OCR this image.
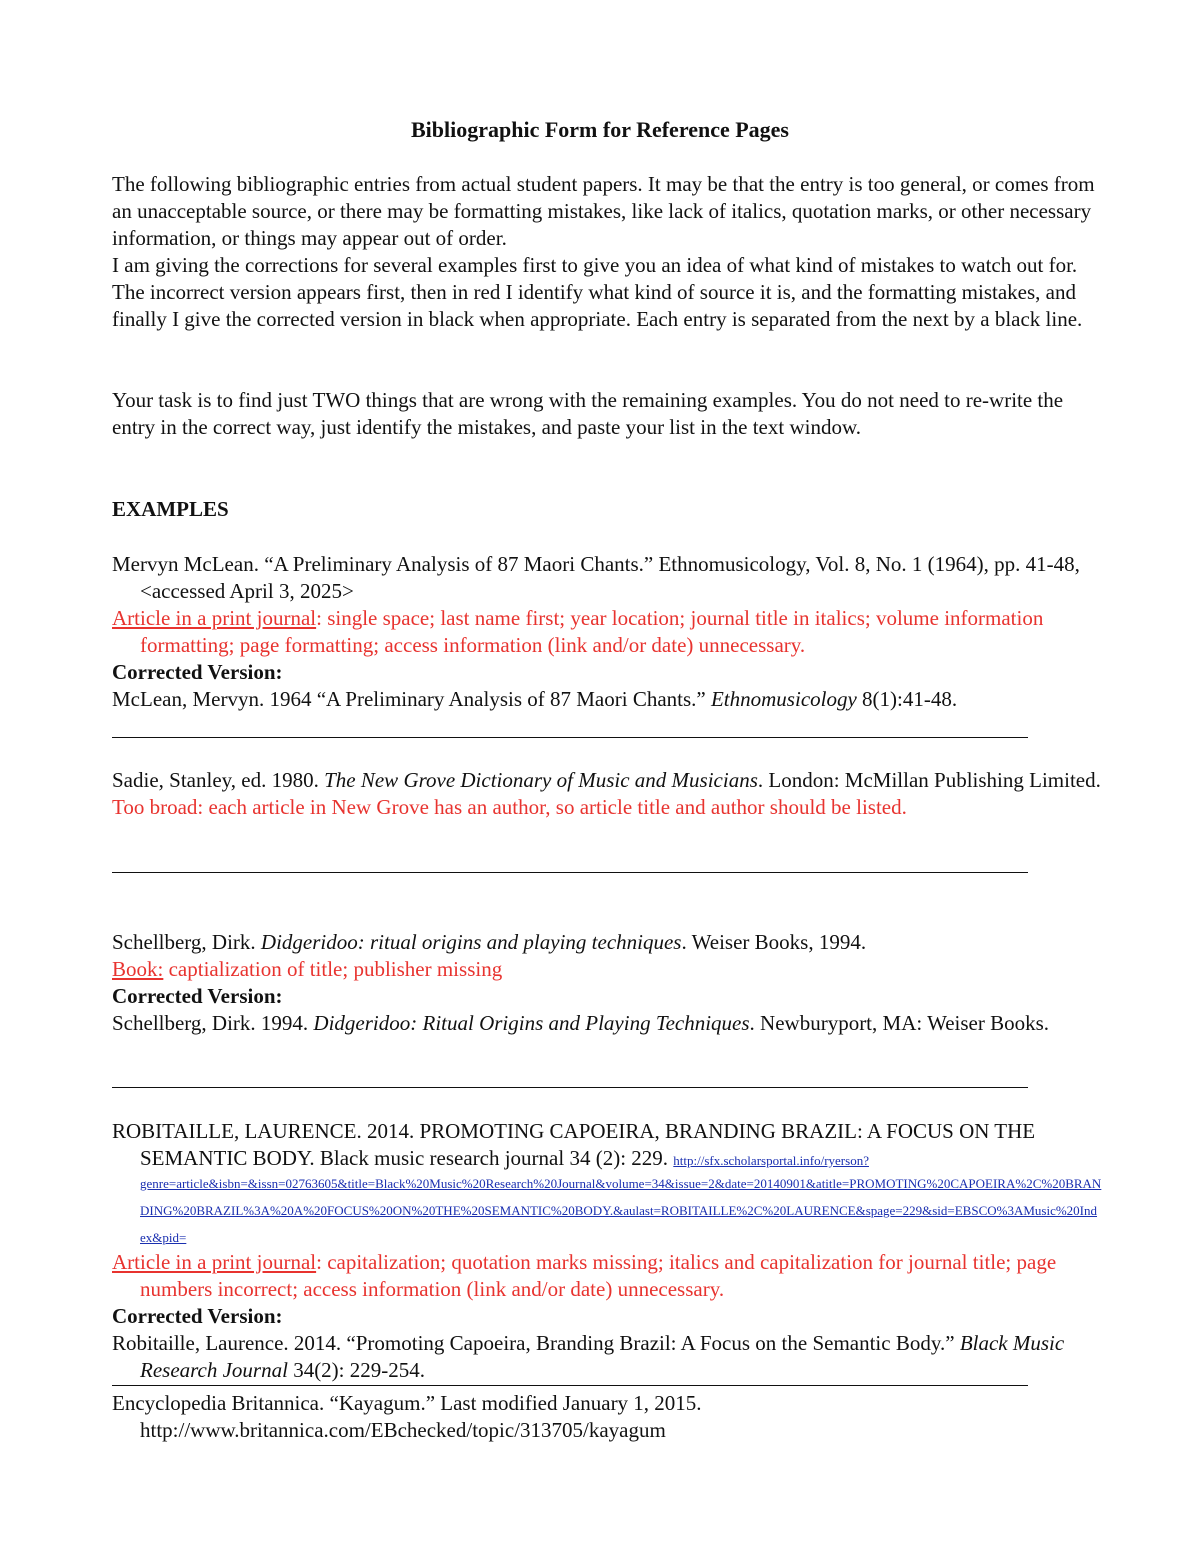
Bibliographic Form for Reference Pages

The following bibliographic entries from actual student papers. It may be that the entry is too general, or comes from an unacceptable source, or there may be formatting mistakes, like lack of italics, quotation marks, or other necessary information, or things may appear out of order.

I am giving the corrections for several examples first to give you an idea of what kind of mistakes to watch out for. The incorrect version appears first, then in red I identify what kind of source it is, and the formatting mistakes, and finally I give the corrected version in black when appropriate. Each entry is separated from the next by a black line.

Your task is to find just TWO things that are wrong with the remaining examples. You do not need to re-write the entry in the correct way, just identify the mistakes, and paste your list in the text window.

EXAMPLES

Mervyn McLean. “A Preliminary Analysis of 87 Maori Chants.” Ethnomusicology, Vol. 8, No. 1 (1964), pp. 41-48, <accessed April 3, 2025>

Article in a print journal: single space; last name first; year location; journal title in italics; volume information formatting; page formatting; access information (link and/or date) unnecessary.

Corrected Version:

McLean, Mervyn. 1964 “A Preliminary Analysis of 87 Maori Chants.” Ethnomusicology 8(1):41-48.

Sadie, Stanley, ed. 1980. The New Grove Dictionary of Music and Musicians. London: McMillan Publishing Limited.

Too broad: each article in New Grove has an author, so article title and author should be listed.

Schellberg, Dirk. Didgeridoo: ritual origins and playing techniques. Weiser Books, 1994.

Book: captialization of title; publisher missing

Corrected Version:

Schellberg, Dirk. 1994. Didgeridoo: Ritual Origins and Playing Techniques. Newburyport, MA: Weiser Books.

ROBITAILLE, LAURENCE. 2014. PROMOTING CAPOEIRA, BRANDING BRAZIL: A FOCUS ON THE SEMANTIC BODY. Black music research journal 34 (2): 229. http://sfx.scholarsportal.info/ryerson?

genre=article&isbn=&issn=02763605&title=Black%20Music%20Research%20Journal&volume=34&issue=2&date=20140901&atitle=PROMOTING%20CAPOEIRA%2C%20BRANDING%20BRAZIL%3A%20A%20FOCUS%20ON%20THE%20SEMANTIC%20BODY.&aulast=ROBITAILLE%2C%20LAURENCE&spage=229&sid=EBSCO%3AMusic%20Index&pid=

Article in a print journal: capitalization; quotation marks missing; italics and capitalization for journal title; page numbers incorrect; access information (link and/or date) unnecessary.

Corrected Version:

Robitaille, Laurence. 2014. “Promoting Capoeira, Branding Brazil: A Focus on the Semantic Body.” Black Music Research Journal 34(2): 229-254.

Encyclopedia Britannica. “Kayagum.” Last modified January 1, 2015. http://www.britannica.com/EBchecked/topic/313705/kayagum
